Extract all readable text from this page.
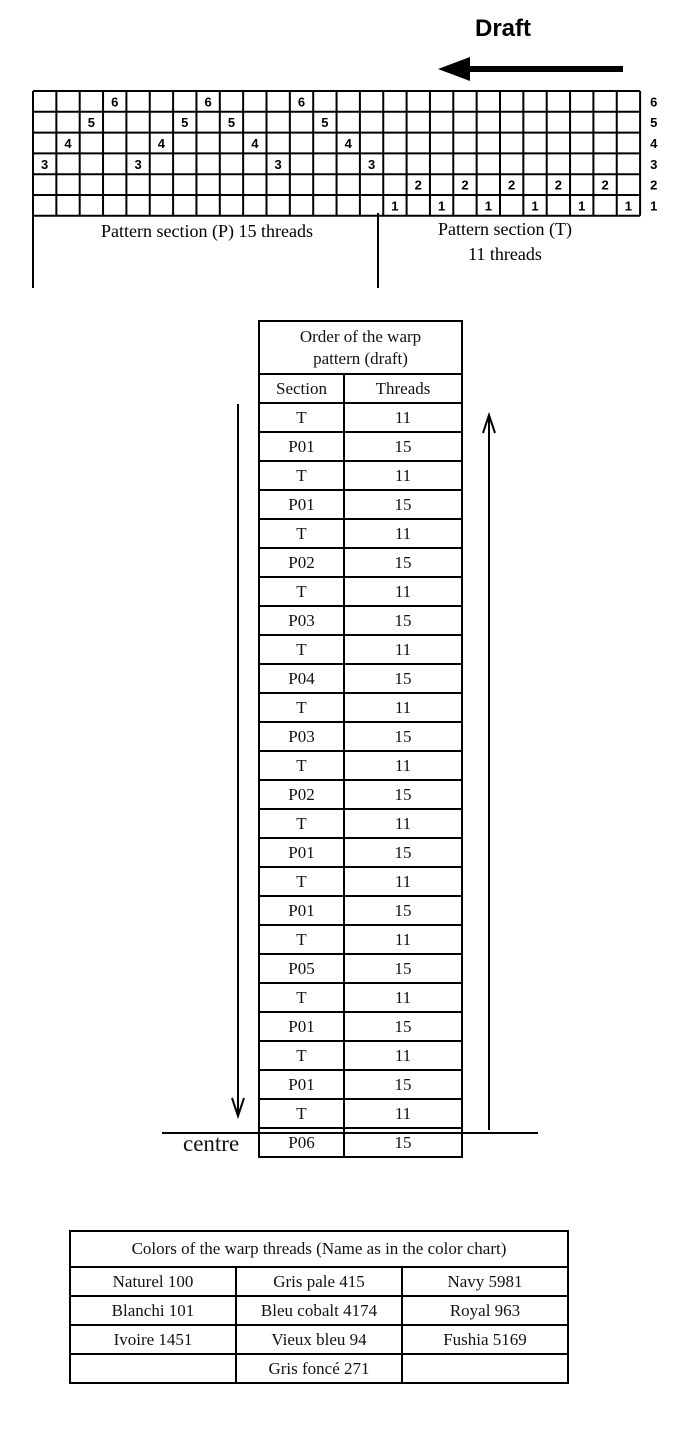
6	6	6
5	5	5	5
4	4	4	4
3	3	3	3
2	2	2	2	2
1	1	1	1	1	1
6
5
4
3
2
1
Draft
Pattern section (P) 15 threads	Pattern section (T)
11 threads
Order of the warp
pattern (draft)	

Section	Threads
T	11
P01	15
T	11
P01	15
T	11
P02	15
T	11
P03	15
T	11
P04	15
T	11
P03	15
T	11
P02	15
T	11
P01	15
T	11
P01	15
T	11
P05	15
T	11
P01	15
T	11
P01	15
T	11
P06	15
centre
Colors of the warp threads (Name as in the color chart)		
Naturel 100	Gris pale 415	Navy 5981
Blanchi 101	Bleu cobalt 4174	Royal 963
Ivoire 1451	Vieux bleu 94	Fushia 5169
	Gris foncé 271	
